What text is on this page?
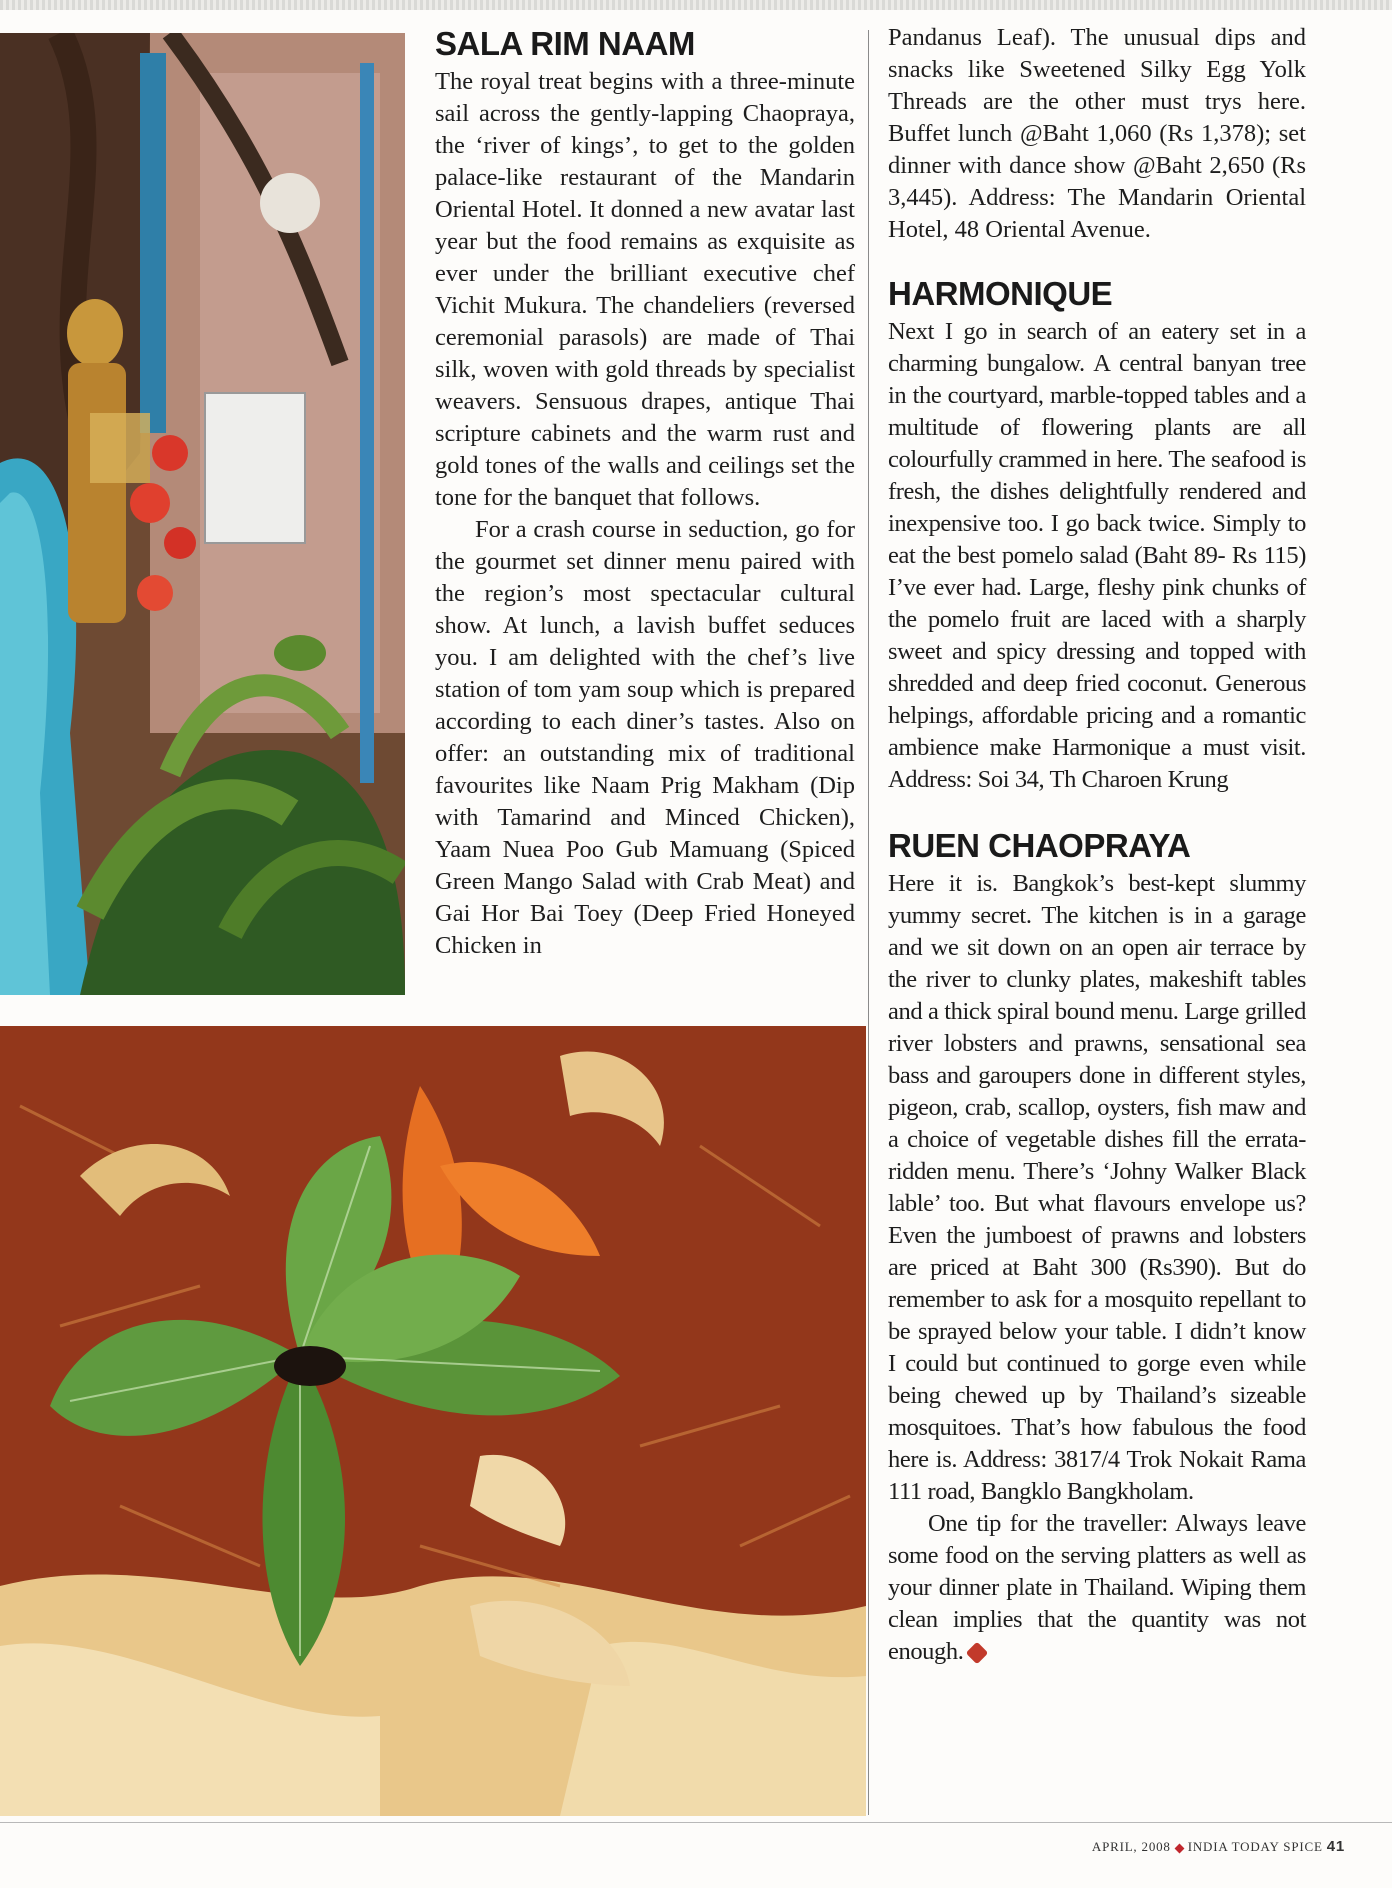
SALA RIM NAAM

The royal treat begins with a three-minute sail across the gently-lapping Chaopraya, the ‘river of kings’, to get to the golden palace-like restaurant of the Mandarin Oriental Hotel. It donned a new avatar last year but the food remains as exquisite as ever under the brilliant executive chef Vichit Mukura. The chandeliers (reversed ceremonial parasols) are made of Thai silk, woven with gold threads by specialist weavers. Sensuous drapes, antique Thai scripture cabinets and the warm rust and gold tones of the walls and ceilings set the tone for the banquet that follows.

For a crash course in seduction, go for the gourmet set dinner menu paired with the region’s most spectacular cultural show. At lunch, a lavish buffet seduces you. I am delighted with the chef’s live station of tom yam soup which is prepared according to each diner’s tastes. Also on offer: an outstanding mix of traditional favourites like Naam Prig Makham (Dip with Tamarind and Minced Chicken), Yaam Nuea Poo Gub Mamuang (Spiced Green Mango Salad with Crab Meat) and Gai Hor Bai Toey (Deep Fried Honeyed Chicken in

Pandanus Leaf). The unusual dips and snacks like Sweetened Silky Egg Yolk Threads are the other must trys here. Buffet lunch @Baht 1,060 (Rs 1,378); set dinner with dance show @Baht 2,650 (Rs 3,445). Address: The Mandarin Oriental Hotel, 48 Oriental Avenue.

HARMONIQUE

Next I go in search of an eatery set in a charming bungalow. A central banyan tree in the courtyard, marble-topped tables and a multitude of flowering plants are all colourfully crammed in here. The seafood is fresh, the dishes delightfully rendered and inexpensive too. I go back twice. Simply to eat the best pomelo salad (Baht 89- Rs 115) I’ve ever had. Large, fleshy pink chunks of the pomelo fruit are laced with a sharply sweet and spicy dressing and topped with shredded and deep fried coconut. Generous helpings, affordable pricing and a romantic ambience make Harmonique a must visit. Address: Soi 34, Th Charoen Krung

RUEN CHAOPRAYA

Here it is. Bangkok’s best-kept slummy yummy secret. The kitchen is in a garage and we sit down on an open air terrace by the river to clunky plates, makeshift tables and a thick spiral bound menu. Large grilled river lobsters and prawns, sensational sea bass and garoupers done in different styles, pigeon, crab, scallop, oysters, fish maw and a choice of vegetable dishes fill the errata-ridden menu. There’s ‘Johny Walker Black lable’ too. But what flavours envelope us? Even the jumboest of prawns and lobsters are priced at Baht 300 (Rs390). But do remember to ask for a mosquito repellant to be sprayed below your table. I didn’t know I could but continued to gorge even while being chewed up by Thailand’s sizeable mosquitoes. That’s how fabulous the food here is. Address: 3817/4 Trok Nokait Rama 111 road, Bangklo Bangkholam.

One tip for the traveller: Always leave some food on the serving platters as well as your dinner plate in Thailand. Wiping them clean implies that the quantity was not enough.

APRIL, 2008 INDIA TODAY SPICE 41
